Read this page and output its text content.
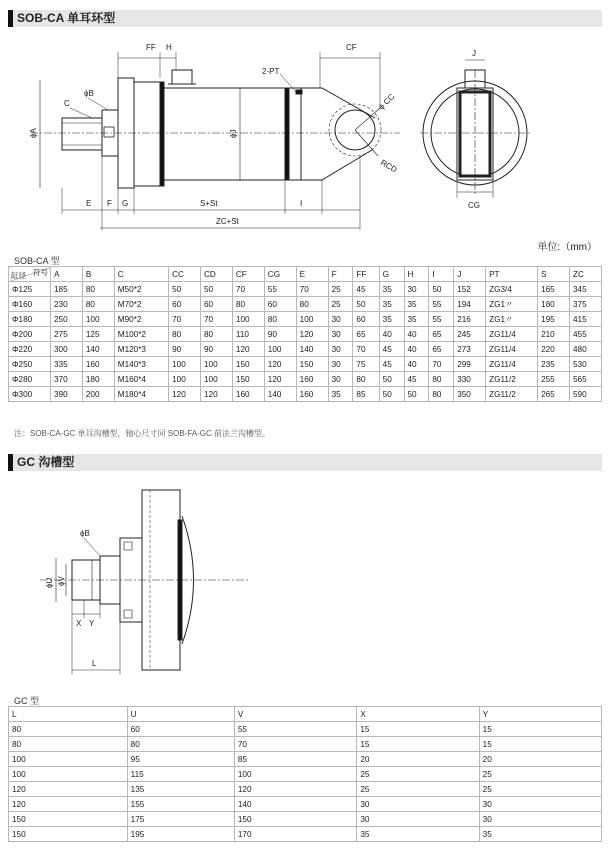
SOB-CA 单耳环型
FF H	CF
2-PT
ϕB
C
ϕA	ϕJ
ϕ CC
RCD
E F G	S+St	I
ZC+St
J
CG
单位:（mm）
SOB-CA 型
符号
缸径	A	B	C	CC	CD	CF	CG	E	F	FF	G	H	I	J	PT	S	ZC
Φ125	185	80	M50*2	50	50	70	55	70	25	45	35	30	50	152	ZG3/4	165	345
Φ160	230	80	M70*2	60	60	80	60	80	25	50	35	35	55	194	ZG1〃	180	375
Φ180	250	100	M90*2	70	70	100	80	100	30	60	35	35	55	216	ZG1〃	195	415
Φ200	275	125	M100*2	80	80	110	90	120	30	65	40	40	65	245	ZG11/4	210	455
Φ220	300	140	M120*3	90	90	120	100	140	30	70	45	40	65	273	ZG11/4	220	480
Φ250	335	160	M140*3	100	100	150	120	150	30	75	45	40	70	299	ZG11/4	235	530
Φ280	370	180	M160*4	100	100	150	120	160	30	80	50	45	80	330	ZG11/2	255	565
Φ300	390	200	M180*4	120	120	160	140	160	35	85	50	50	80	350	ZG11/2	265	590
注：SOB-CA-GC 单耳沟槽型，轴心尺寸同 SOB-FA-GC 前法兰沟槽型。
GC 沟槽型
ϕB
ϕU ϕV
X Y
L
GC 型
L	U	V	X	Y
80	60	55	15	15
80	80	70	15	15
100	95	85	20	20
100	115	100	25	25
120	135	120	25	25
120	155	140	30	30
150	175	150	30	30
150	195	170	35	35
